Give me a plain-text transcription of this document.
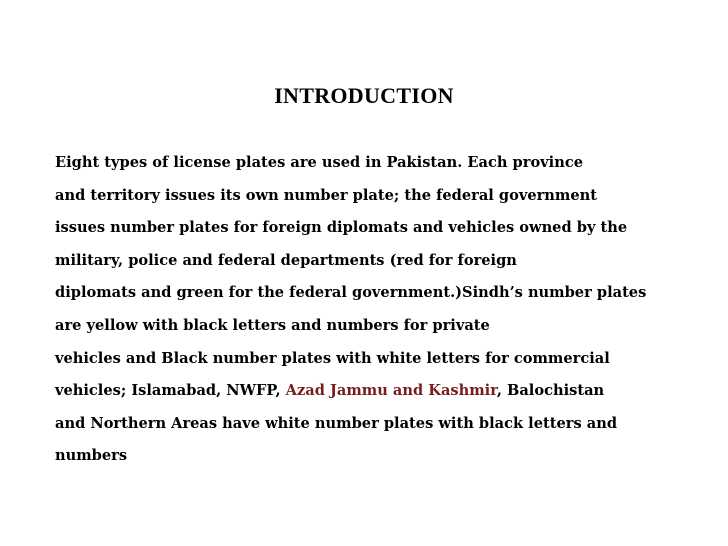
INTRODUCTION
Eight types of license plates are used in Pakistan. Each province
and territory issues its own number plate; the federal government
issues number plates for foreign diplomats and vehicles owned by the
military, police and federal departments (red for foreign
diplomats and green for the federal government.)Sindh’s number plates
are yellow with black letters and numbers for private
vehicles and Black number plates with white letters for commercial
vehicles; Islamabad, NWFP, Azad Jammu and Kashmir, Balochistan
and Northern Areas have white number plates with black letters and
numbers
